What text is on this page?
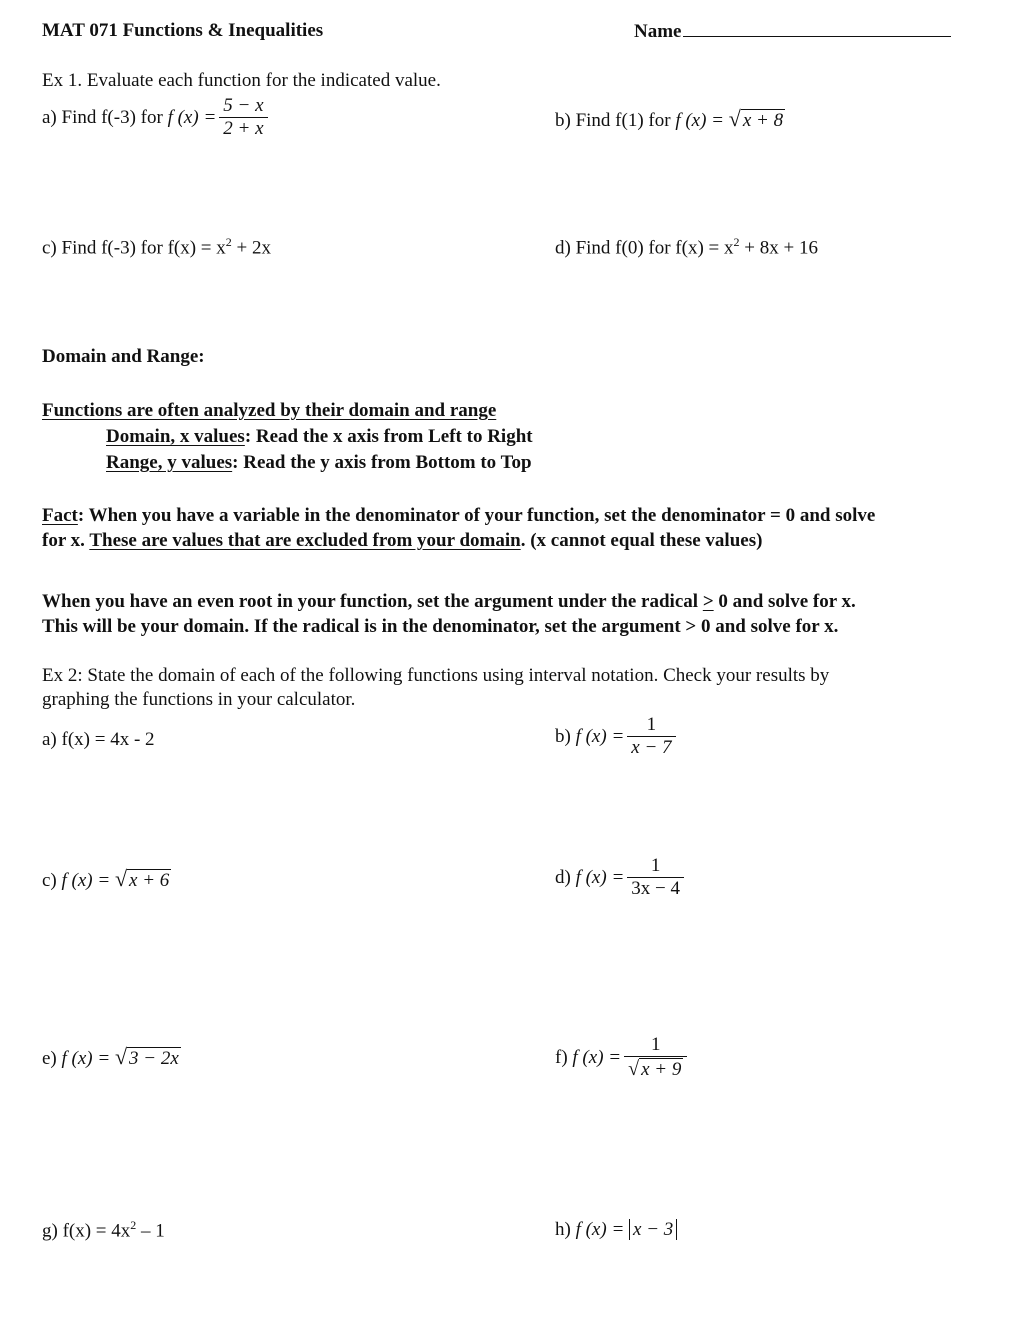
MAT 071 Functions & Inequalities	Name
Ex 1. Evaluate each function for the indicated value.
a) Find f(-3) for f $(x) = \frac{5 - x}{2 + x}$	b) Find f(1) for f (x) = √ x + 8
c) Find f(-3) for $f(x) = x^2 + 2x$	d) Find f(0) for $f(x) = x^2 + 8x + 16$
Domain and Range:
Functions are often analyzed by their domain and range
Domain, x values: Read the x axis from Left to Right
Range, y values: Read the y axis from Bottom to Top
Fact: When you have a variable in the denominator of your function, set the denominator = 0 and solve
for x. These are values that are excluded from your domain. (x cannot equal these values)
When you have an even root in your function, set the argument under the radical ≥ 0 and solve for x.
This will be your domain. If the radical is in the denominator, set the argument > 0 and solve for x.
Ex 2: State the domain of each of the following functions using interval notation. Check your results by
graphing the functions in your calculator.
a) f(x) = 4x - 2	b) f $(x) = \frac{1}{x - 7}$
c) f (x) = √ x + 6	d) f $(x) = \frac{1}{3x - 4}$
e) f (x) = √ 3 − 2x	f) f $(x) = \frac{1}{√ x + 9}$
g) $f(x) = 4x^2 - 1$	h) f (x) = x − 3
